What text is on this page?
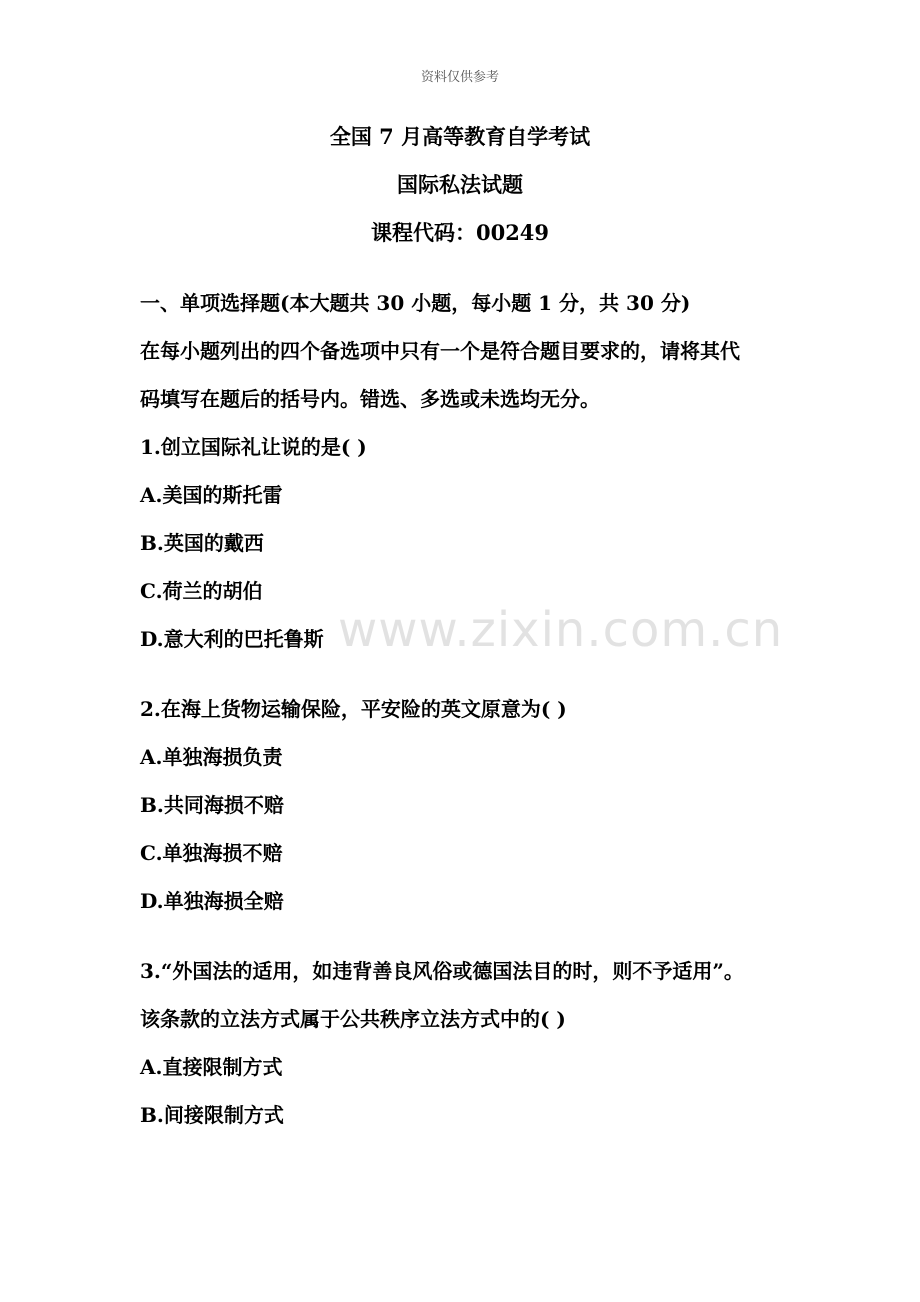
资料仅供参考
全国 7 月高等教育自学考试
国际私法试题
课程代码：00249
一、单项选择题(本大题共 30 小题，每小题 1 分，共 30 分)
在每小题列出的四个备选项中只有一个是符合题目要求的，请将其代
码填写在题后的括号内。错选、多选或未选均无分。
1.创立国际礼让说的是( )
A.美国的斯托雷
B.英国的戴西
C.荷兰的胡伯
D.意大利的巴托鲁斯
2.在海上货物运输保险，平安险的英文原意为( )
A.单独海损负责
B.共同海损不赔
C.单独海损不赔
D.单独海损全赔
3.“外国法的适用，如违背善良风俗或德国法目的时，则不予适用”。
该条款的立法方式属于公共秩序立法方式中的( )
A.直接限制方式
B.间接限制方式
www.zixin.com.cn
